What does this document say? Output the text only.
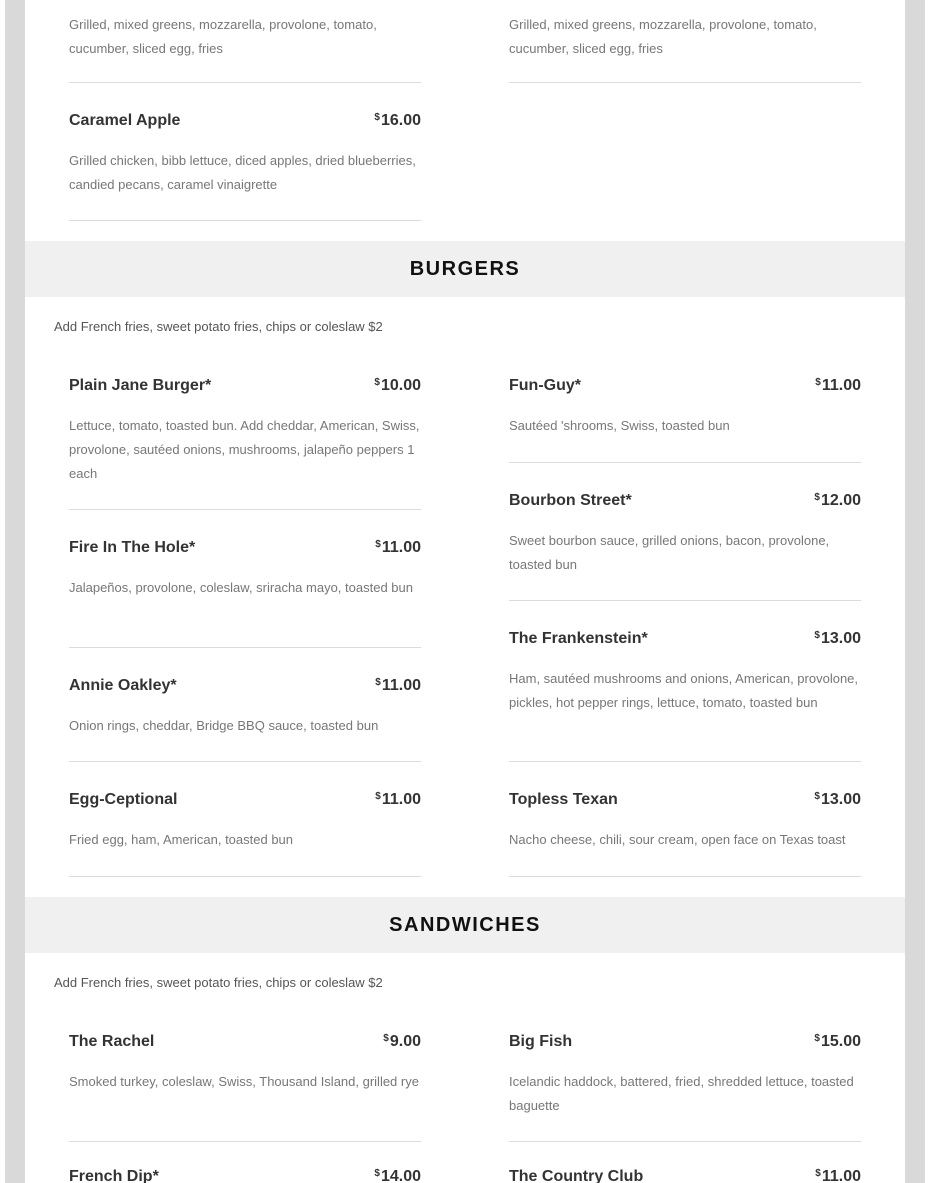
Grilled, mixed greens, mozzarella, provolone, tomato, cucumber, sliced egg, fries
Grilled, mixed greens, mozzarella, provolone, tomato, cucumber, sliced egg, fries
Caramel Apple	$16.00
Grilled chicken, bibb lettuce, diced apples, dried blueberries, candied pecans, caramel vinaigrette
BURGERS
Add French fries, sweet potato fries, chips or coleslaw $2
Plain Jane Burger*	$10.00
Lettuce, tomato, toasted bun. Add cheddar, American, Swiss, provolone, sautéed onions, mushrooms, jalapeño peppers 1 each
Fun-Guy*	$11.00
Sautéed 'shrooms, Swiss, toasted bun
Bourbon Street*	$12.00
Sweet bourbon sauce, grilled onions, bacon, provolone, toasted bun
Fire In The Hole*	$11.00
Jalapeños, provolone, coleslaw, sriracha mayo, toasted bun
The Frankenstein*	$13.00
Ham, sautéed mushrooms and onions, American, provolone, pickles, hot pepper rings, lettuce, tomato, toasted bun
Annie Oakley*	$11.00
Onion rings, cheddar, Bridge BBQ sauce, toasted bun
Egg-Ceptional	$11.00
Fried egg, ham, American, toasted bun
Topless Texan	$13.00
Nacho cheese, chili, sour cream, open face on Texas toast
SANDWICHES
Add French fries, sweet potato fries, chips or coleslaw $2
The Rachel	$9.00
Smoked turkey, coleslaw, Swiss, Thousand Island, grilled rye
Big Fish	$15.00
Icelandic haddock, battered, fried, shredded lettuce, toasted baguette
French Dip*	$14.00	The Country Club	$11.00
